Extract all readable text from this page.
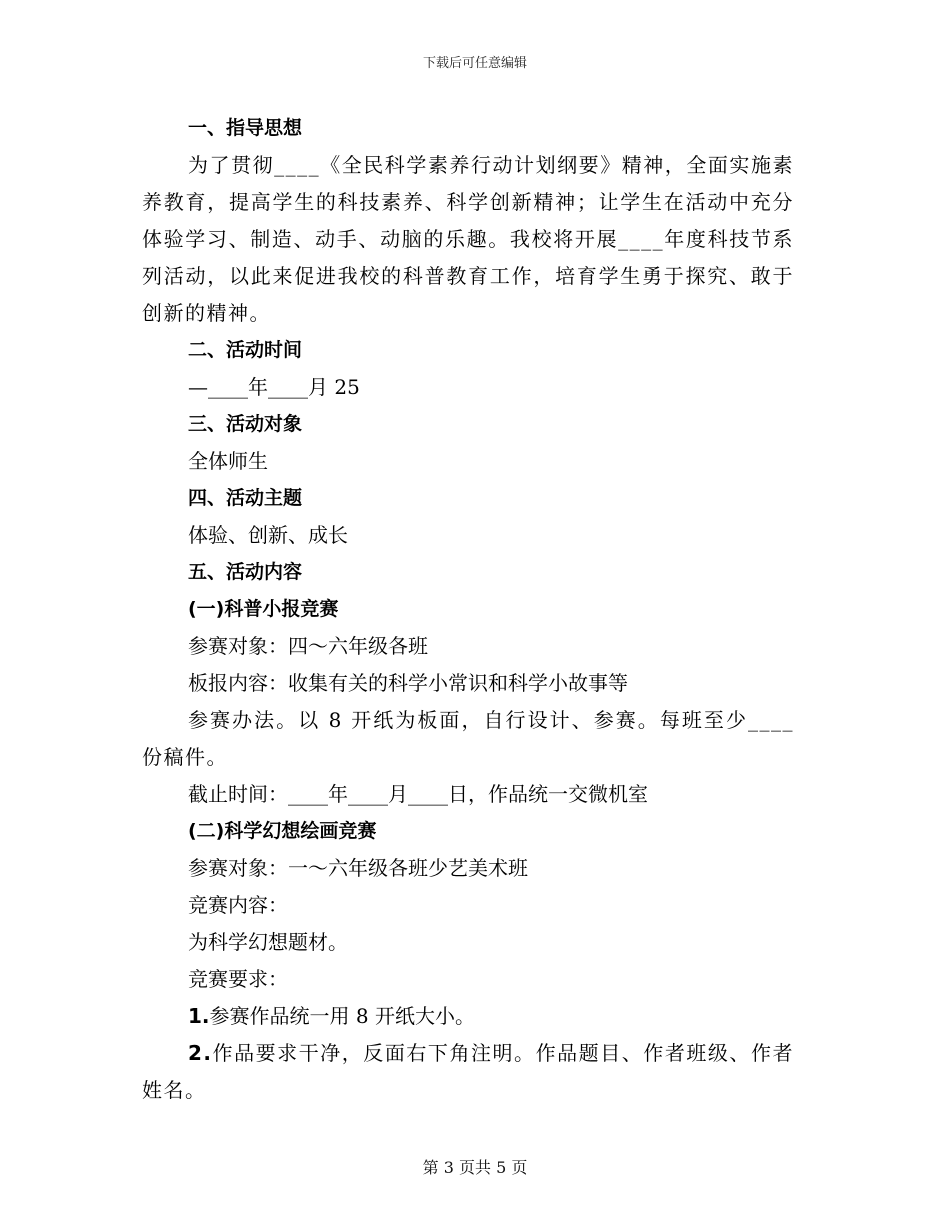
下载后可任意编辑
一、指导思想
为了贯彻____《全民科学素养行动计划纲要》精神，全面实施素养教育，提高学生的科技素养、科学创新精神；让学生在活动中充分体验学习、制造、动手、动脑的乐趣。我校将开展____年度科技节系列活动，以此来促进我校的科普教育工作，培育学生勇于探究、敢于创新的精神。
二、活动时间
—____年____月 25
三、活动对象
全体师生
四、活动主题
体验、创新、成长
五、活动内容
(一)科普小报竞赛
参赛对象：四～六年级各班
板报内容：收集有关的科学小常识和科学小故事等
参赛办法。以 8 开纸为板面，自行设计、参赛。每班至少____份稿件。
截止时间：____年____月____日，作品统一交微机室
(二)科学幻想绘画竞赛
参赛对象：一～六年级各班少艺美术班
竞赛内容：
为科学幻想题材。
竞赛要求：
1.参赛作品统一用 8 开纸大小。
2.作品要求干净，反面右下角注明。作品题目、作者班级、作者姓名。
第 3 页共 5 页
